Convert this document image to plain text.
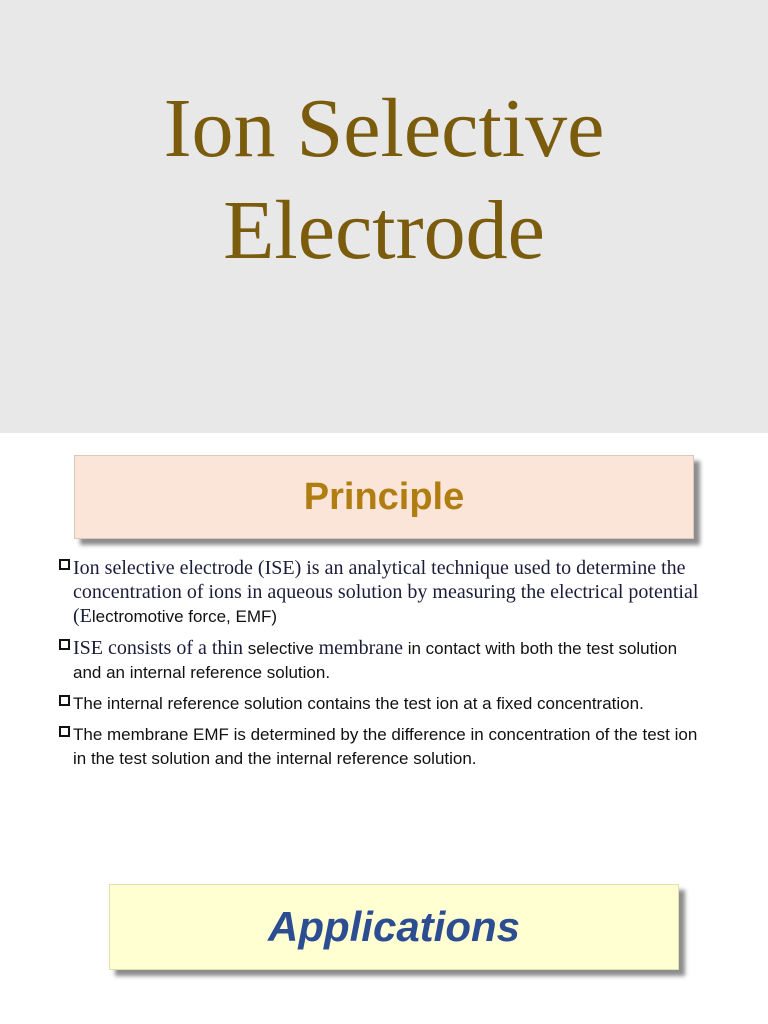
Ion Selective
Electrode
Principle
Ion selective electrode (ISE) is an analytical technique used to determine the concentration of ions in aqueous solution by measuring the electrical potential (Electromotive force, EMF)
ISE consists of a thin selective membrane in contact with both the test solution and an internal reference solution.
The internal reference solution contains the test ion at a fixed concentration.
The membrane EMF is determined by the difference in concentration of the test ion in the test solution and the internal reference solution.
Applications
